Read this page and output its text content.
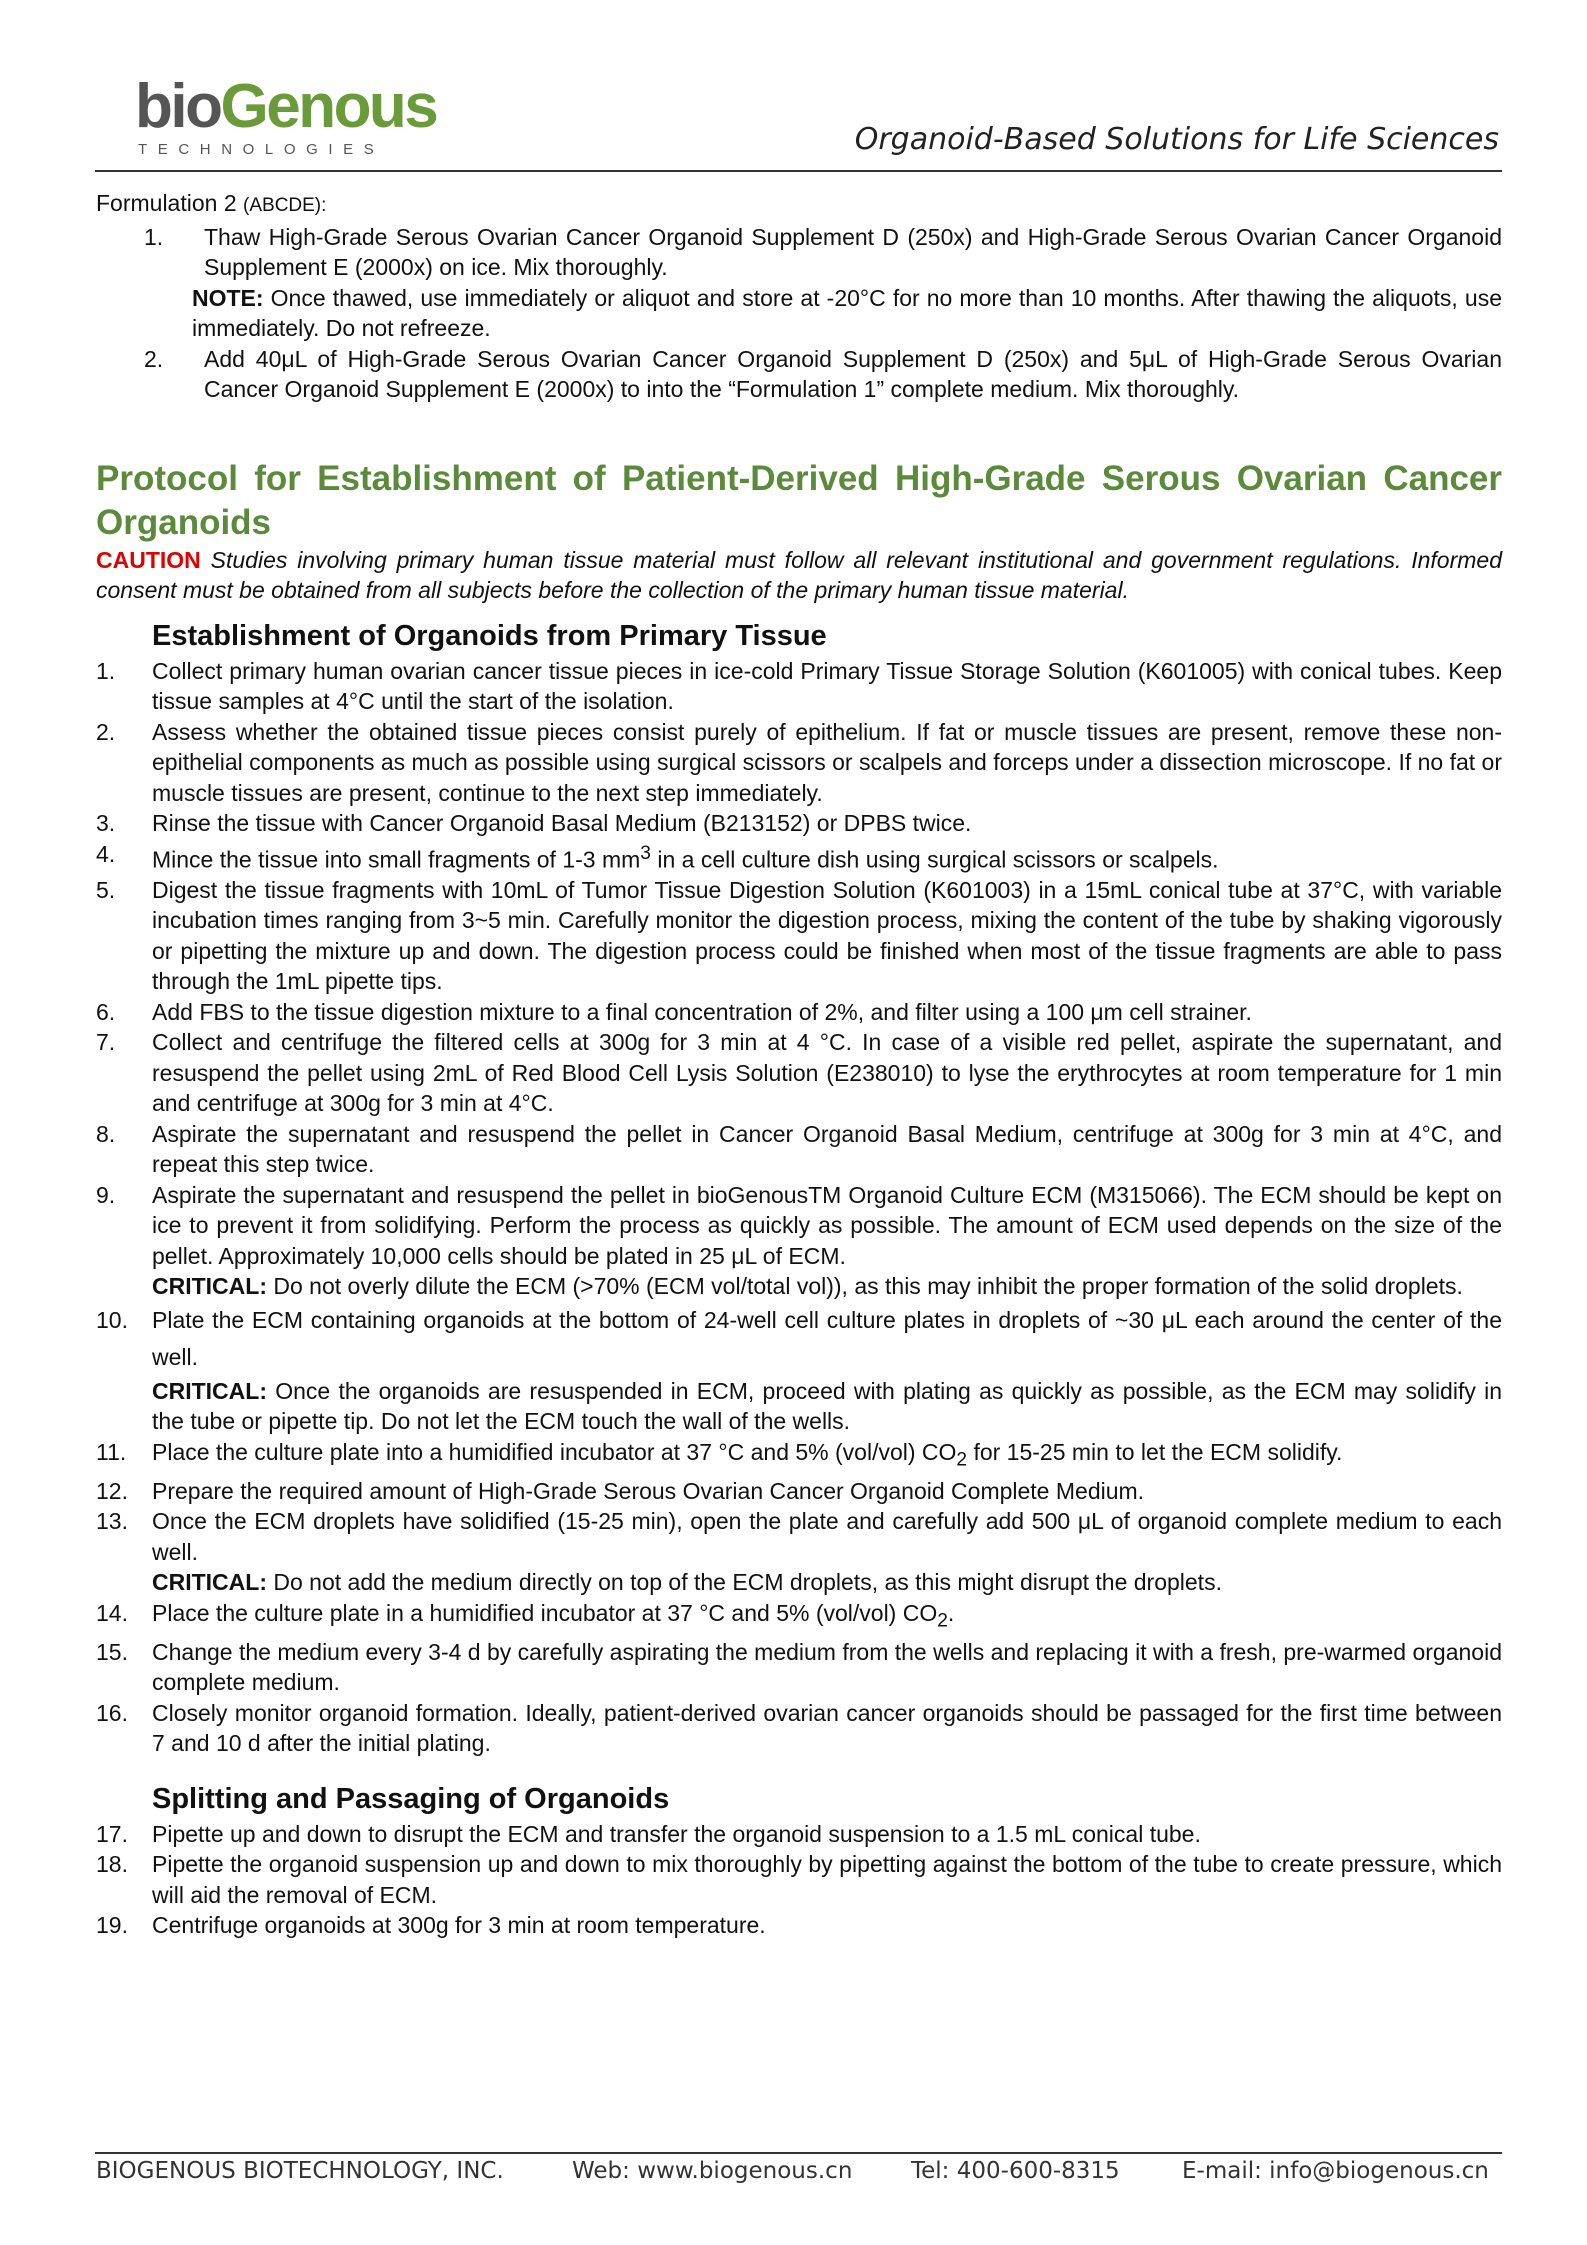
bioGenous
TECHNOLOGIES	Organoid-Based Solutions for Life Sciences

Formulation 2 (ABCDE):

1. Thaw High-Grade Serous Ovarian Cancer Organoid Supplement D (250x) and High-Grade Serous Ovarian Cancer Organoid Supplement E (2000x) on ice. Mix thoroughly.
NOTE: Once thawed, use immediately or aliquot and store at -20°C for no more than 10 months. After thawing the aliquots, use immediately. Do not refreeze.
2. Add 40μL of High-Grade Serous Ovarian Cancer Organoid Supplement D (250x) and 5μL of High-Grade Serous Ovarian Cancer Organoid Supplement E (2000x) to into the “Formulation 1” complete medium. Mix thoroughly.
Protocol for Establishment of Patient-Derived High-Grade Serous Ovarian Cancer Organoids

CAUTION Studies involving primary human tissue material must follow all relevant institutional and government regulations. Informed consent must be obtained from all subjects before the collection of the primary human tissue material.

Establishment of Organoids from Primary Tissue
1. Collect primary human ovarian cancer tissue pieces in ice-cold Primary Tissue Storage Solution (K601005) with conical tubes. Keep tissue samples at 4°C until the start of the isolation.
2. Assess whether the obtained tissue pieces consist purely of epithelium. If fat or muscle tissues are present, remove these non-epithelial components as much as possible using surgical scissors or scalpels and forceps under a dissection microscope. If no fat or muscle tissues are present, continue to the next step immediately.
3. Rinse the tissue with Cancer Organoid Basal Medium (B213152) or DPBS twice.
4. Mince the tissue into small fragments of 1-3 $mm^3$ in a cell culture dish using surgical scissors or scalpels.
5. Digest the tissue fragments with 10mL of Tumor Tissue Digestion Solution (K601003) in a 15mL conical tube at 37°C, with variable incubation times ranging from 3~5 min. Carefully monitor the digestion process, mixing the content of the tube by shaking vigorously or pipetting the mixture up and down. The digestion process could be finished when most of the tissue fragments are able to pass through the 1mL pipette tips.
6. Add FBS to the tissue digestion mixture to a final concentration of 2%, and filter using a 100 μm cell strainer.
7. Collect and centrifuge the filtered cells at 300g for 3 min at 4 °C. In case of a visible red pellet, aspirate the supernatant, and resuspend the pellet using 2mL of Red Blood Cell Lysis Solution (E238010) to lyse the erythrocytes at room temperature for 1 min and centrifuge at 300g for 3 min at 4°C.
8. Aspirate the supernatant and resuspend the pellet in Cancer Organoid Basal Medium, centrifuge at 300g for 3 min at 4°C, and repeat this step twice.
9. Aspirate the supernatant and resuspend the pellet in bioGenousTM Organoid Culture ECM (M315066). The ECM should be kept on ice to prevent it from solidifying. Perform the process as quickly as possible. The amount of ECM used depends on the size of the pellet. Approximately 10,000 cells should be plated in 25 μL of ECM.
CRITICAL: Do not overly dilute the ECM (>70% (ECM vol/total vol)), as this may inhibit the proper formation of the solid droplets.
10. Plate the ECM containing organoids at the bottom of 24-well cell culture plates in droplets of ~30 μL each around the center of the well.
CRITICAL: Once the organoids are resuspended in ECM, proceed with plating as quickly as possible, as the ECM may solidify in the tube or pipette tip. Do not let the ECM touch the wall of the wells.
11. Place the culture plate into a humidified incubator at 37 °C and 5% (vol/vol) $CO_2$ for 15-25 min to let the ECM solidify.
12. Prepare the required amount of High-Grade Serous Ovarian Cancer Organoid Complete Medium.
13. Once the ECM droplets have solidified (15-25 min), open the plate and carefully add 500 μL of organoid complete medium to each well.
CRITICAL: Do not add the medium directly on top of the ECM droplets, as this might disrupt the droplets.
14. Place the culture plate in a humidified incubator at 37 °C and 5% (vol/vol) $CO_2$.
15. Change the medium every 3-4 d by carefully aspirating the medium from the wells and replacing it with a fresh, pre-warmed organoid complete medium.
16. Closely monitor organoid formation. Ideally, patient-derived ovarian cancer organoids should be passaged for the first time between 7 and 10 d after the initial plating.
Splitting and Passaging of Organoids
17. Pipette up and down to disrupt the ECM and transfer the organoid suspension to a 1.5 mL conical tube.
18. Pipette the organoid suspension up and down to mix thoroughly by pipetting against the bottom of the tube to create pressure, which will aid the removal of ECM.
19. Centrifuge organoids at 300g for 3 min at room temperature.
BIOGENOUS BIOTECHNOLOGY, INC.	Web: www.biogenous.cn	Tel: 400-600-8315	E-mail: info@biogenous.cn
